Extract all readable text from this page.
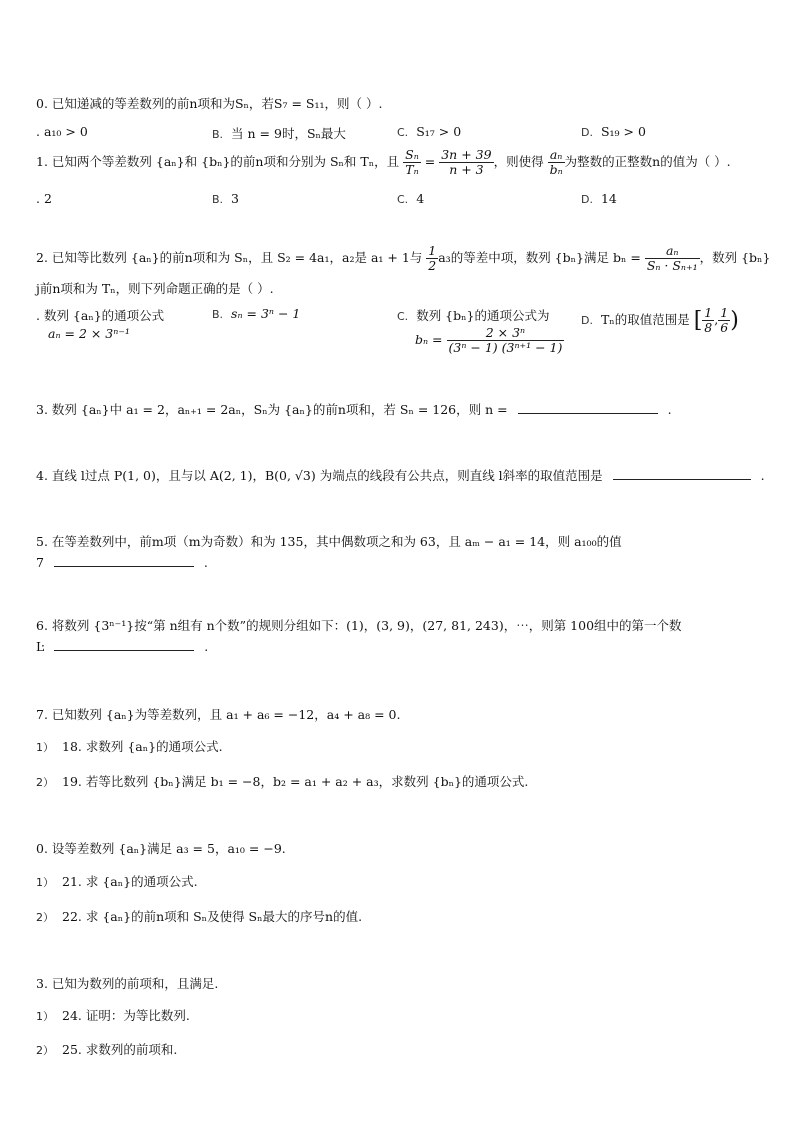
0. 已知递减的等差数列的前n项和为Sₙ，若S₇ = S₁₁，则（ ）.
. a₁₀ > 0	B. 当 n = 9时，Sₙ最大	C. S₁₇ > 0	D. S₁₉ > 0
1. 已知两个等差数列 {aₙ}和 {bₙ}的前n项和分别为 Sₙ和 Tₙ，且 $\frac{\text{Sₙ}}{\text{Tₙ}} = \frac{3n + 39}{n + 3}$ ，则使得 $\frac{\text{aₙ}}{\text{bₙ}}$ 为整数的正整数n的值为（ ）.
. 2	B. 3	C. 4	D. 14
2. 已知等比数列 {aₙ}的前n项和为 Sₙ，且 S₂ = 4a₁，a₂是 a₁ + 1与 $\frac{1}{2} a_3$的等差中项，数列 {bₙ}满足 $b_n = \frac{\text{aₙ}}{\text{Sₙ · Sₙ₊₁}}$ ，数列 {bₙ}
j前n项和为 Tₙ，则下列命题正确的是（ ）.
. 数列 {aₙ}的通项公式
aₙ = 2 × 3ⁿ⁻¹
B. sₙ = 3ⁿ − 1	C. 数列 {bₙ}的通项公式为
$b_n = \frac{\text{2 × 3ⁿ}}{\text{(3ⁿ − 1) (3ⁿ⁺¹ − 1)}}$
D. Tₙ的取值范围是 [ $\frac{1}{8}$ , $\frac{1}{6}$ )
3. 数列 {aₙ}中 a₁ = 2，aₙ₊₁ = 2aₙ，Sₙ为 {aₙ}的前n项和，若 Sₙ = 126，则 n =	.
4. 直线 l过点 P(1, 0)，且与以 A(2, 1)，B(0, √3) 为端点的线段有公共点，则直线 l斜率的取值范围是	.
5. 在等差数列中，前m项（m为奇数）和为 135，其中偶数项之和为 63，且 aₘ − a₁ = 14，则 a₁₀₀的值
7	.
6. 将数列 {3ⁿ⁻¹}按“第 n组有 n个数”的规则分组如下：(1)，(3, 9)，(27, 81, 243)，⋯，则第 100组中的第一个数
Ŀ	.
7. 已知数列 {aₙ}为等差数列，且 a₁ + a₆ = −12，a₄ + a₈ = 0.
1） 18. 求数列 {aₙ}的通项公式.
2） 19. 若等比数列 {bₙ}满足 b₁ = −8，b₂ = a₁ + a₂ + a₃，求数列 {bₙ}的通项公式.
0. 设等差数列 {aₙ}满足 a₃ = 5，a₁₀ = −9.
1） 21. 求 {aₙ}的通项公式.
2） 22. 求 {aₙ}的前n项和 Sₙ及使得 Sₙ最大的序号n的值.
3. 已知为数列的前项和，且满足.
1） 24. 证明：为等比数列.
2） 25. 求数列的前项和.
